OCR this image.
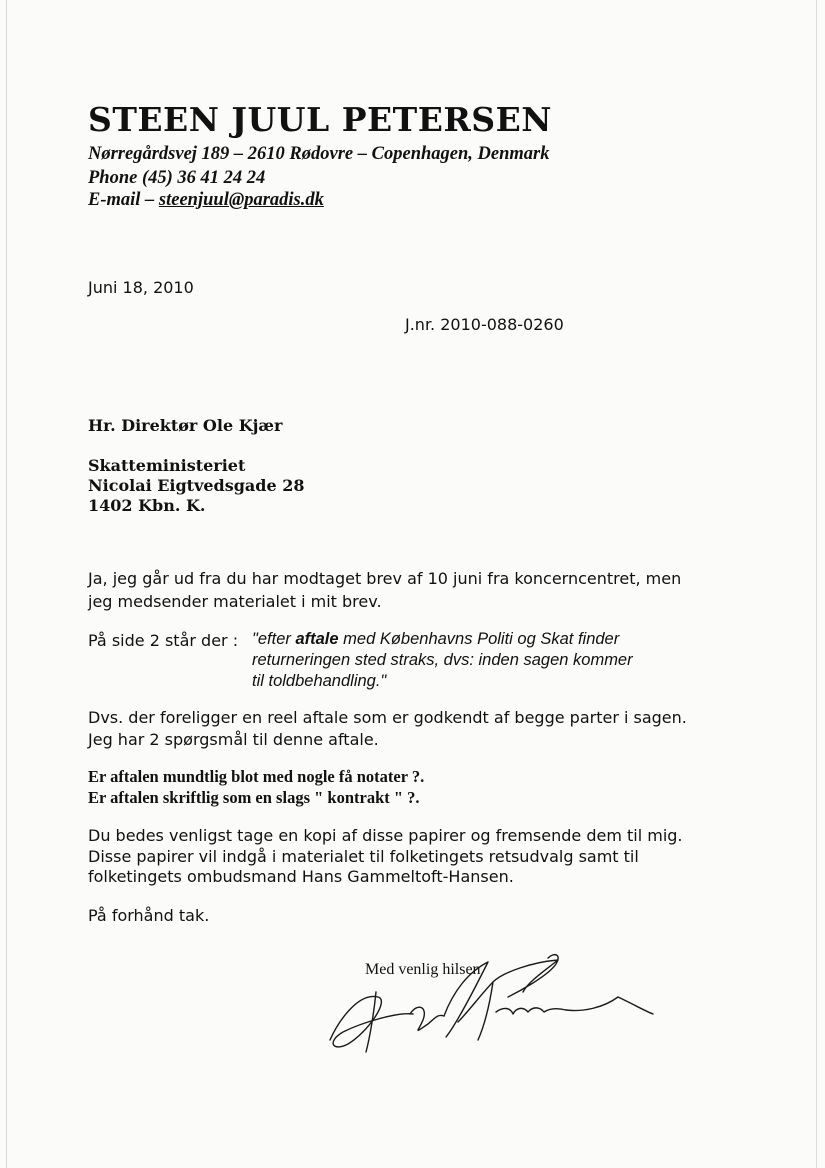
STEEN JUUL PETERSEN
Nørregårdsvej 189 – 2610 Rødovre – Copenhagen, Denmark
Phone (45) 36 41 24 24
E-mail – steenjuul@paradis.dk
Juni 18, 2010
J.nr. 2010-088-0260
Hr. Direktør Ole Kjær
Skatteministeriet
Nicolai Eigtvedsgade 28
1402 Kbn. K.
Ja, jeg går ud fra du har modtaget brev af 10 juni fra koncerncentret, men
jeg medsender materialet i mit brev.
På side 2 står der : "efter aftale med Københavns Politi og Skat finder
returneringen sted straks, dvs: inden sagen kommer
til toldbehandling."
Dvs. der foreligger en reel aftale som er godkendt af begge parter i sagen.
Jeg har 2 spørgsmål til denne aftale.
Er aftalen mundtlig blot med nogle få notater ?.
Er aftalen skriftlig som en slags " kontrakt " ?.
Du bedes venligst tage en kopi af disse papirer og fremsende dem til mig.
Disse papirer vil indgå i materialet til folketingets retsudvalg samt til
folketingets ombudsmand Hans Gammeltoft-Hansen.
På forhånd tak.
Med venlig hilsen
